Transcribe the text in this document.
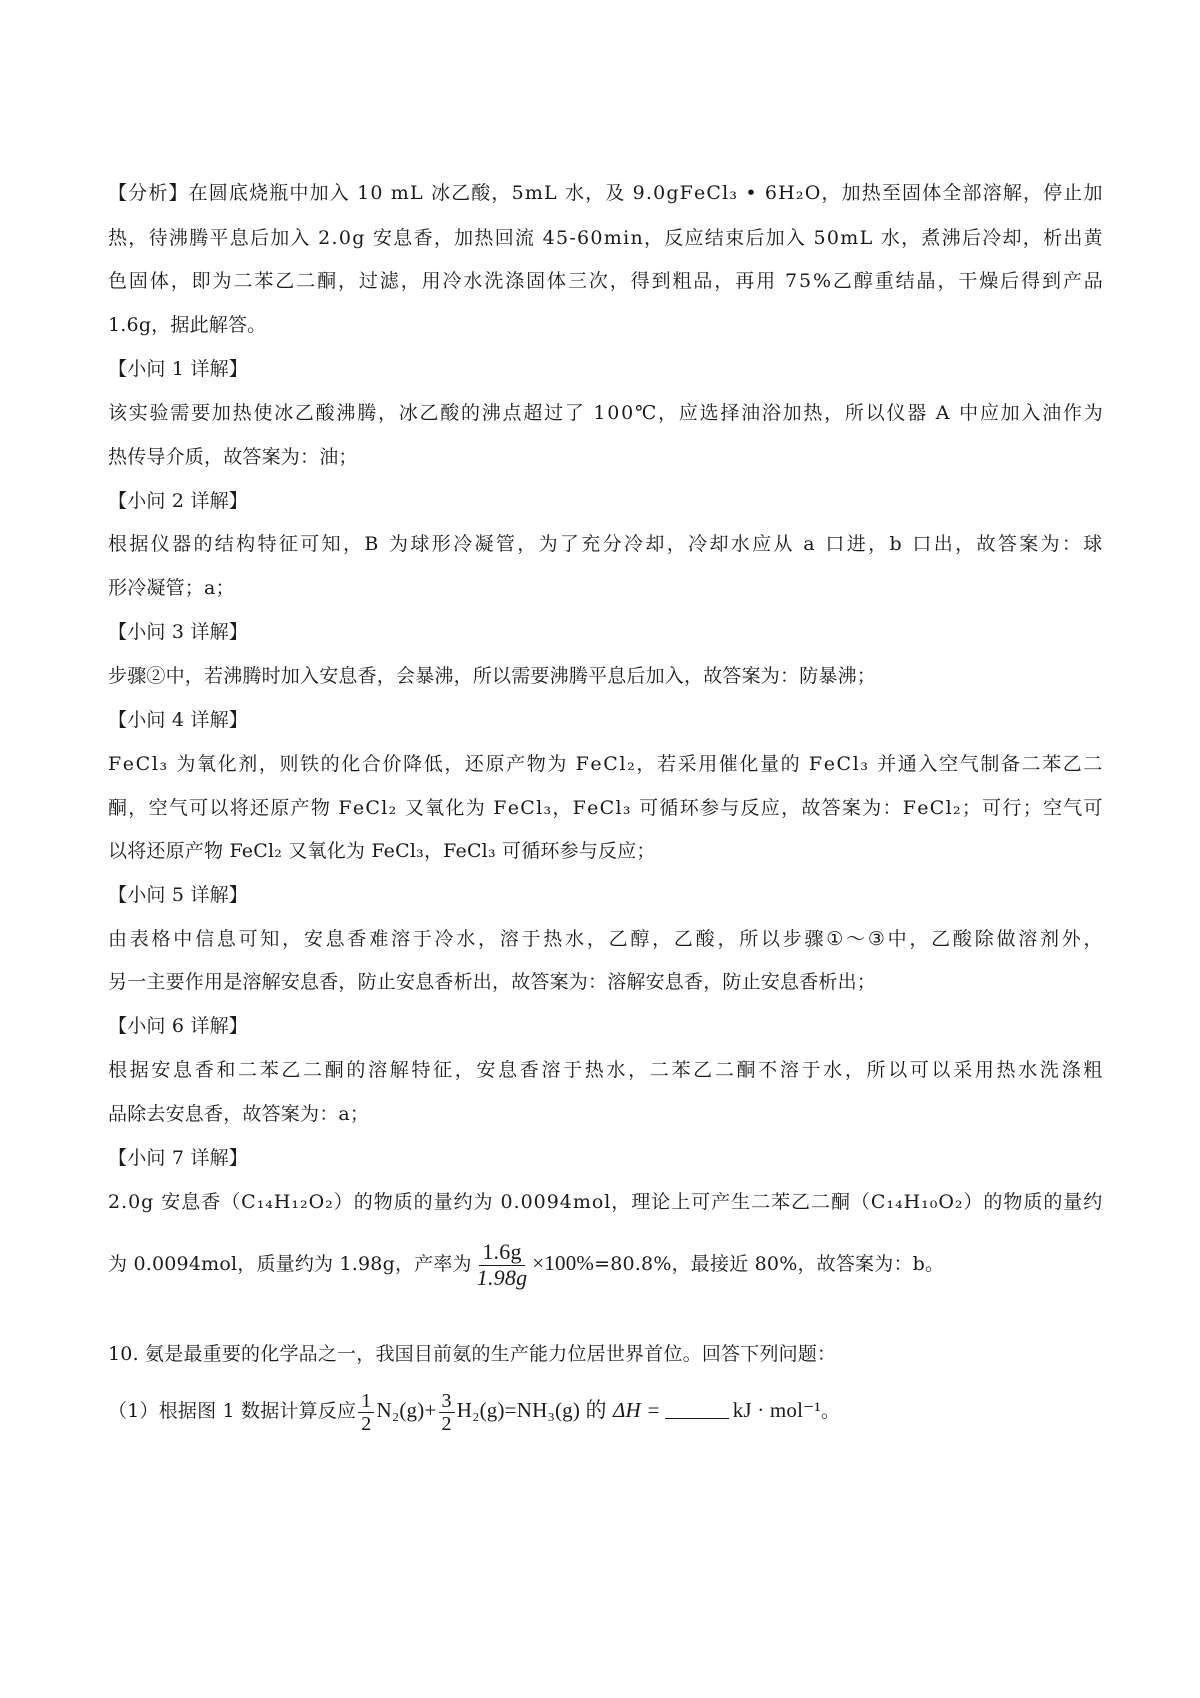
【 分 析 】 在 圆 底 烧 瓶 中 加 入
1 0
m L
冰 乙 酸 ， 5 m L
水 ， 及
9 . 0 g F e C l ₃
•
6 H ₂ O ， 加 热 至 固 体 全 部 溶 解 ， 停 止 加
热 ， 待 沸 腾 平 息 后 加 入
2 . 0 g
安 息 香 ， 加 热 回 流
4 5 - 6 0 m i n ， 反 应 结 束 后 加 入
5 0 m L
水 ， 煮 沸 后 冷 却 ， 析 出 黄
色 固 体 ， 即 为 二 苯 乙 二 酮 ， 过 滤 ， 用 冷 水 洗 涤 固 体 三 次 ， 得 到 粗 品 ， 再 用
7 5 % 乙 醇 重 结 晶 ， 干 燥 后 得 到 产 品
1.6g，据此解答。
【小问 1 详解】
该 实 验 需 要 加 热 使 冰 乙 酸 沸 腾 ， 冰 乙 酸 的 沸 点 超 过 了
1 0 0 ℃ ， 应 选 择 油 浴 加 热 ， 所 以 仪 器
A
中 应 加 入 油 作 为
热传导介质，故答案为：油；
【小问 2 详解】
根 据 仪 器 的 结 构 特 征 可 知 ， B
为 球 形 冷 凝 管 ， 为 了 充 分 冷 却 ， 冷 却 水 应 从
a
口 进 ， b
口 出 ， 故 答 案 为 ： 球
形冷凝管；a；
【小问 3 详解】
步骤②中，若沸腾时加入安息香，会暴沸，所以需要沸腾平息后加入，故答案为：防暴沸；
【小问 4 详解】
F e C l ₃
为 氧 化 剂 ， 则 铁 的 化 合 价 降 低 ， 还 原 产 物 为
F e C l ₂ ， 若 采 用 催 化 量 的
F e C l ₃
并 通 入 空 气 制 备 二 苯 乙 二
酮 ， 空 气 可 以 将 还 原 产 物
F e C l ₂
又 氧 化 为
F e C l ₃ ， F e C l ₃
可 循 环 参 与 反 应 ， 故 答 案 为 ： F e C l ₂ ； 可 行 ； 空 气 可
以将还原产物 FeCl₂ 又氧化为 FeCl₃，FeCl₃ 可循环参与反应；
【小问 5 详解】
由 表 格 中 信 息 可 知 ， 安 息 香 难 溶 于 冷 水 ， 溶 于 热 水 ， 乙 醇 ， 乙 酸 ， 所 以 步 骤 ① ～ ③ 中 ， 乙 酸 除 做 溶 剂 外 ，
另一主要作用是溶解安息香，防止安息香析出，故答案为：溶解安息香，防止安息香析出；
【小问 6 详解】
根 据 安 息 香 和 二 苯 乙 二 酮 的 溶 解 特 征 ， 安 息 香 溶 于 热 水 ， 二 苯 乙 二 酮 不 溶 于 水 ， 所 以 可 以 采 用 热 水 洗 涤 粗
品除去安息香，故答案为：a；
【小问 7 详解】
2 . 0 g
安 息 香 （ C ₁ ₄ H ₁ ₂ O ₂ ） 的 物 质 的 量 约 为
0 . 0 0 9 4 m o l ， 理 论 上 可 产 生 二 苯 乙 二 酮 （ C ₁ ₄ H ₁ ₀ O ₂ ） 的 物 质 的 量 约
为 0.0094mol，质量约为 1.98g，产率为 $\frac{1.6g}{1.98g} \times 100\%=80.8\%$，最接近 80%，故答案为：b。
10. 氨是最重要的化学品之一，我国目前氨的生产能力位居世界首位。回答下列问题：
（1）根据图 1 数据计算反应 $\frac{1}{2} N_2(g)+ \frac{3}{2} H_2(g)=NH_3(g)$ 的 ΔH =	kJ · mol⁻¹。
